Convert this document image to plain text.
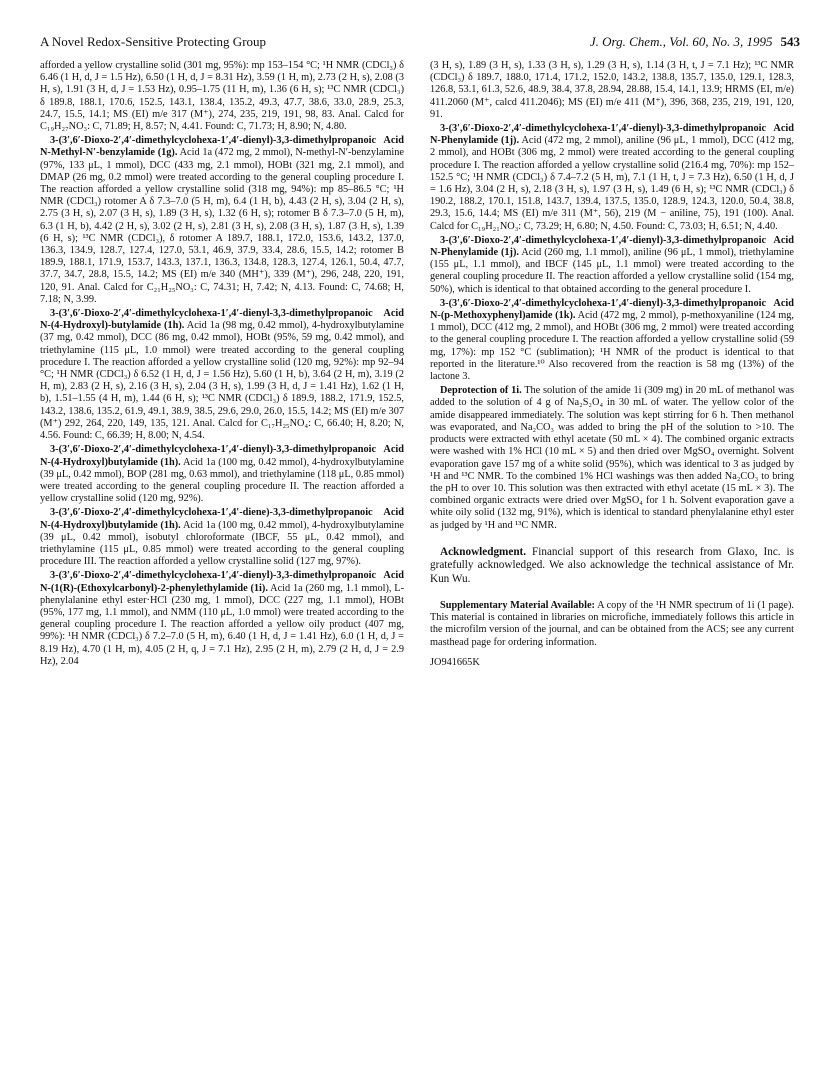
A Novel Redox-Sensitive Protecting Group	J. Org. Chem., Vol. 60, No. 3, 1995 543

afforded a yellow crystalline solid (301 mg, 95%): mp 153–154 °C; ¹H NMR (CDCl₃) δ 6.46 (1 H, d, J = 1.5 Hz), 6.50 (1 H, d, J = 8.31 Hz), 3.59 (1 H, m), 2.73 (2 H, s), 2.08 (3 H, s), 1.91 (3 H, d, J = 1.53 Hz), 0.95–1.75 (11 H, m), 1.36 (6 H, s); ¹³C NMR (CDCl₃) δ 189.8, 188.1, 170.6, 152.5, 143.1, 138.4, 135.2, 49.3, 47.7, 38.6, 33.0, 28.9, 25.3, 24.7, 15.5, 14.1; MS (EI) m/e 317 (M⁺), 274, 235, 219, 191, 98, 83. Anal. Calcd for C₁₉H₂₇NO₃: C, 71.89; H, 8.57; N, 4.41. Found: C, 71.73; H, 8.90; N, 4.80.

3-(3′,6′-Dioxo-2′,4′-dimethylcyclohexa-1′,4′-dienyl)-3,3-dimethylpropanoic Acid N-Methyl-N′-benzylamide (1g). Acid 1a (472 mg, 2 mmol), N-methyl-N′-benzylamine (97%, 133 μL, 1 mmol), DCC (433 mg, 2.1 mmol), HOBt (321 mg, 2.1 mmol), and DMAP (26 mg, 0.2 mmol) were treated according to the general coupling procedure I. The reaction afforded a yellow crystalline solid (318 mg, 94%): mp 85–86.5 °C; ¹H NMR (CDCl₃) rotomer A δ 7.3–7.0 (5 H, m), 6.4 (1 H, b), 4.43 (2 H, s), 3.04 (2 H, s), 2.75 (3 H, s), 2.07 (3 H, s), 1.89 (3 H, s), 1.32 (6 H, s); rotomer B δ 7.3–7.0 (5 H, m), 6.3 (1 H, b), 4.42 (2 H, s), 3.02 (2 H, s), 2.81 (3 H, s), 2.08 (3 H, s), 1.87 (3 H, s), 1.39 (6 H, s); ¹³C NMR (CDCl₃), δ rotomer A 189.7, 188.1, 172.0, 153.6, 143.2, 137.0, 136.3, 134.9, 128.7, 127.4, 127.0, 53.1, 46.9, 37.9, 33.4, 28.6, 15.5, 14.2; rotomer B 189.9, 188.1, 171.9, 153.7, 143.3, 137.1, 136.3, 134.8, 128.3, 127.4, 126.1, 50.4, 47.7, 37.7, 34.7, 28.8, 15.5, 14.2; MS (EI) m/e 340 (MH⁺), 339 (M⁺), 296, 248, 220, 191, 120, 91. Anal. Calcd for C₂₁H₂₅NO₃: C, 74.31; H, 7.42; N, 4.13. Found: C, 74.68; H, 7.18; N, 3.99.

3-(3′,6′-Dioxo-2′,4′-dimethylcyclohexa-1′,4′-dienyl-3,3-dimethylpropanoic Acid N-(4-Hydroxyl)-butylamide (1h). Acid 1a (98 mg, 0.42 mmol), 4-hydroxylbutylamine (37 mg, 0.42 mmol), DCC (86 mg, 0.42 mmol), HOBt (95%, 59 mg, 0.42 mmol), and triethylamine (115 μL, 1.0 mmol) were treated according to the general coupling procedure I. The reaction afforded a yellow crystalline solid (120 mg, 92%): mp 92–94 °C; ¹H NMR (CDCl₃) δ 6.52 (1 H, d, J = 1.56 Hz), 5.60 (1 H, b), 3.64 (2 H, m), 3.19 (2 H, m), 2.83 (2 H, s), 2.16 (3 H, s), 2.04 (3 H, s), 1.99 (3 H, d, J = 1.41 Hz), 1.62 (1 H, b), 1.51–1.55 (4 H, m), 1.44 (6 H, s); ¹³C NMR (CDCl₃) δ 189.9, 188.2, 171.9, 152.5, 143.2, 138.6, 135.2, 61.9, 49.1, 38.9, 38.5, 29.6, 29.0, 26.0, 15.5, 14.2; MS (EI) m/e 307 (M⁺) 292, 264, 220, 149, 135, 121. Anal. Calcd for C₁₇H₂₅NO₄: C, 66.40; H, 8.20; N, 4.56. Found: C, 66.39; H, 8.00; N, 4.54.

3-(3′,6′-Dioxo-2′,4′-dimethylcyclohexa-1′,4′-dienyl)-3,3-dimethylpropanoic Acid N-(4-Hydroxyl)butylamide (1h). Acid 1a (100 mg, 0.42 mmol), 4-hydroxylbutylamine (39 μL, 0.42 mmol), BOP (281 mg, 0.63 mmol), and triethylamine (118 μL, 0.85 mmol) were treated according to the general coupling procedure II. The reaction afforded a yellow crystalline solid (120 mg, 92%).

3-(3′,6′-Dioxo-2′,4′-dimethylcyclohexa-1′,4′-diene)-3,3-dimethylpropanoic Acid N-(4-Hydroxyl)butylamide (1h). Acid 1a (100 mg, 0.42 mmol), 4-hydroxylbutylamine (39 μL, 0.42 mmol), isobutyl chloroformate (IBCF, 55 μL, 0.42 mmol), and triethylamine (115 μL, 0.85 mmol) were treated according to the general coupling procedure III. The reaction afforded a yellow crystalline solid (127 mg, 97%).

3-(3′,6′-Dioxo-2′,4′-dimethylcyclohexa-1′,4′-dienyl)-3,3-dimethylpropanoic Acid N-(1(R)-(Ethoxylcarbonyl)-2-phenylethylamide (1i). Acid 1a (260 mg, 1.1 mmol), L-phenylalanine ethyl ester·HCl (230 mg, 1 mmol), DCC (227 mg, 1.1 mmol), HOBt (95%, 177 mg, 1.1 mmol), and NMM (110 μL, 1.0 mmol) were treated according to the general coupling procedure I. The reaction afforded a yellow oily product (407 mg, 99%): ¹H NMR (CDCl₃) δ 7.2–7.0 (5 H, m), 6.40 (1 H, d, J = 1.41 Hz), 6.0 (1 H, d, J = 8.19 Hz), 4.70 (1 H, m), 4.05 (2 H, q, J = 7.1 Hz), 2.95 (2 H, m), 2.79 (2 H, d, J = 2.9 Hz), 2.04

(3 H, s), 1.89 (3 H, s), 1.33 (3 H, s), 1.29 (3 H, s), 1.14 (3 H, t, J = 7.1 Hz); ¹³C NMR (CDCl₃) δ 189.7, 188.0, 171.4, 171.2, 152.0, 143.2, 138.8, 135.7, 135.0, 129.1, 128.3, 126.8, 53.1, 61.3, 52.6, 48.9, 38.4, 37.8, 28.94, 28.88, 15.4, 14.1, 13.9; HRMS (EI, m/e) 411.2060 (M⁺, calcd 411.2046); MS (EI) m/e 411 (M⁺), 396, 368, 235, 219, 191, 120, 91.

3-(3′,6′-Dioxo-2′,4′-dimethylcyclohexa-1′,4′-dienyl)-3,3-dimethylpropanoic Acid N-Phenylamide (1j). Acid (472 mg, 2 mmol), aniline (96 μL, 1 mmol), DCC (412 mg, 2 mmol), and HOBt (306 mg, 2 mmol) were treated according to the general coupling procedure I. The reaction afforded a yellow crystalline solid (216.4 mg, 70%): mp 152–152.5 °C; ¹H NMR (CDCl₃) δ 7.4–7.2 (5 H, m), 7.1 (1 H, t, J = 7.3 Hz), 6.50 (1 H, d, J = 1.6 Hz), 3.04 (2 H, s), 2.18 (3 H, s), 1.97 (3 H, s), 1.49 (6 H, s); ¹³C NMR (CDCl₃) δ 190.2, 188.2, 170.1, 151.8, 143.7, 139.4, 137.5, 135.0, 128.9, 124.3, 120.0, 50.4, 38.8, 29.3, 15.6, 14.4; MS (EI) m/e 311 (M⁺, 56), 219 (M − aniline, 75), 191 (100). Anal. Calcd for C₁₉H₂₁NO₃: C, 73.29; H, 6.80; N, 4.50. Found: C, 73.03; H, 6.51; N, 4.40.

3-(3′,6′-Dioxo-2′,4′-dimethylcyclohexa-1′,4′-dienyl)-3,3-dimethylpropanoic Acid N-Phenylamide (1j). Acid (260 mg, 1.1 mmol), aniline (96 μL, 1 mmol), triethylamine (155 μL, 1.1 mmol), and IBCF (145 μL, 1.1 mmol) were treated according to the general coupling procedure II. The reaction afforded a yellow crystalline solid (154 mg, 50%), which is identical to that obtained according to the general procedure I.

3-(3′,6′-Dioxo-2′,4′-dimethylcyclohexa-1′,4′-dienyl)-3,3-dimethylpropanoic Acid N-(p-Methoxyphenyl)amide (1k). Acid (472 mg, 2 mmol), p-methoxyaniline (124 mg, 1 mmol), DCC (412 mg, 2 mmol), and HOBt (306 mg, 2 mmol) were treated according to the general coupling procedure I. The reaction afforded a yellow crystalline solid (59 mg, 17%): mp 152 °C (sublimation); ¹H NMR of the product is identical to that reported in the literature.¹⁰ Also recovered from the reaction is 58 mg (13%) of the lactone 3.

Deprotection of 1i. The solution of the amide 1i (309 mg) in 20 mL of methanol was added to the solution of 4 g of Na₂S₂O₄ in 30 mL of water. The yellow color of the amide disappeared immediately. The solution was kept stirring for 6 h. Then methanol was evaporated, and Na₂CO₃ was added to bring the pH of the solution to >10. The products were extracted with ethyl acetate (50 mL × 4). The combined organic extracts were washed with 1% HCl (10 mL × 5) and then dried over MgSO₄ overnight. Solvent evaporation gave 157 mg of a white solid (95%), which was identical to 3 as judged by ¹H and ¹³C NMR. To the combined 1% HCl washings was then added Na₂CO₃ to bring the pH to over 10. This solution was then extracted with ethyl acetate (15 mL × 3). The combined organic extracts were dried over MgSO₄ for 1 h. Solvent evaporation gave a white oily solid (132 mg, 91%), which is identical to standard phenylalanine ethyl ester as judged by ¹H and ¹³C NMR.

Acknowledgment. Financial support of this research from Glaxo, Inc. is gratefully acknowledged. We also acknowledge the technical assistance of Mr. Kun Wu.

Supplementary Material Available: A copy of the ¹H NMR spectrum of 1i (1 page). This material is contained in libraries on microfiche, immediately follows this article in the microfilm version of the journal, and can be obtained from the ACS; see any current masthead page for ordering information.

JO941665K
